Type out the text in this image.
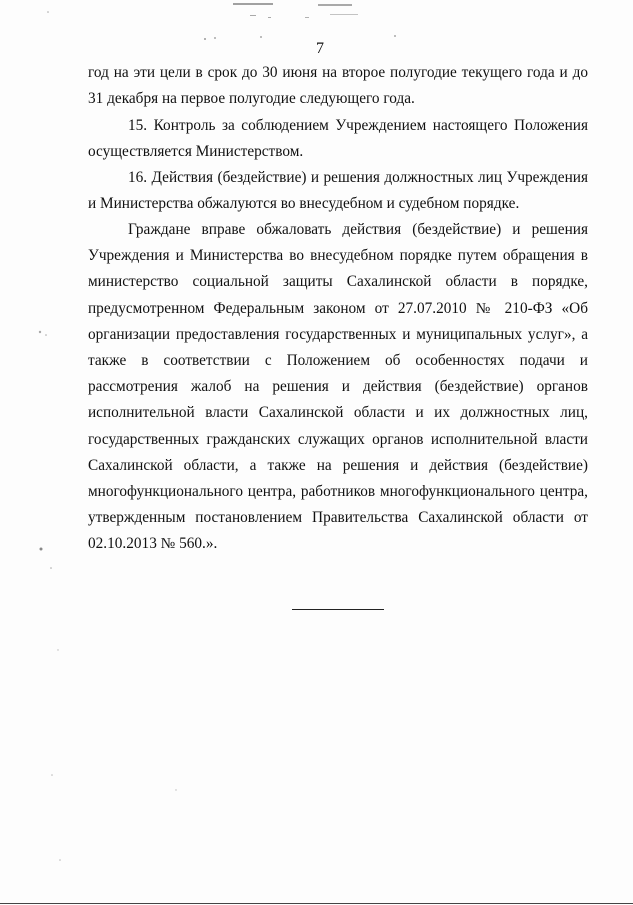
7

год на эти цели в срок до 30 июня на второе полугодие текущего года и до 31 декабря на первое полугодие следующего года.

15. Контроль за соблюдением Учреждением настоящего Положения осуществляется Министерством.

16. Действия (бездействие) и решения должностных лиц Учреждения и Министерства обжалуются во внесудебном и судебном порядке.

Граждане вправе обжаловать действия (бездействие) и решения Учреждения и Министерства во внесудебном порядке путем обращения в министерство социальной защиты Сахалинской области в порядке, предусмотренном Федеральным законом от 27.07.2010 № 210-ФЗ «Об организации предоставления государственных и муниципальных услуг», а также в соответствии с Положением об особенностях подачи и рассмотрения жалоб на решения и действия (бездействие) органов исполнительной власти Сахалинской области и их должностных лиц, государственных гражданских служащих органов исполнительной власти Сахалинской области, а также на решения и действия (бездействие) многофункционального центра, работников многофункционального центра, утвержденным постановлением Правительства Сахалинской области от 02.10.2013 № 560.».
